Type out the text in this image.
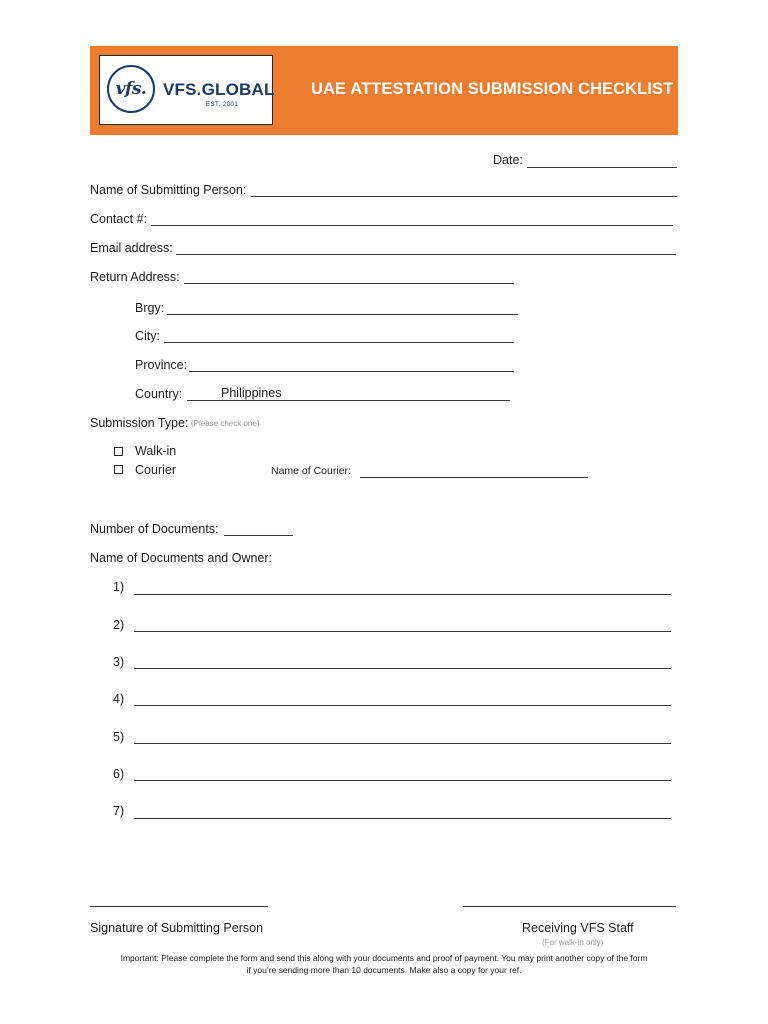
vfs. VFS.GLOBAL
EST. 2001
UAE ATTESTATION SUBMISSION CHECKLIST
Date:
Name of Submitting Person:
Contact #:
Email address:
Return Address:
Brgy:
City:
Province:
Country:	Philippines
Submission Type: (Please check one)
Walk-in
Courier	Name of Courier:
Number of Documents:
Name of Documents and Owner:
1)
2)
3)
4)
5)
6)
7)
Signature of Submitting Person	Receiving VFS Staff
(For walk-in only)
Important: Please complete the form and send this along with your documents and proof of payment. You may print another copy of the form
if you’re sending more than 10 documents. Make also a copy for your ref.
